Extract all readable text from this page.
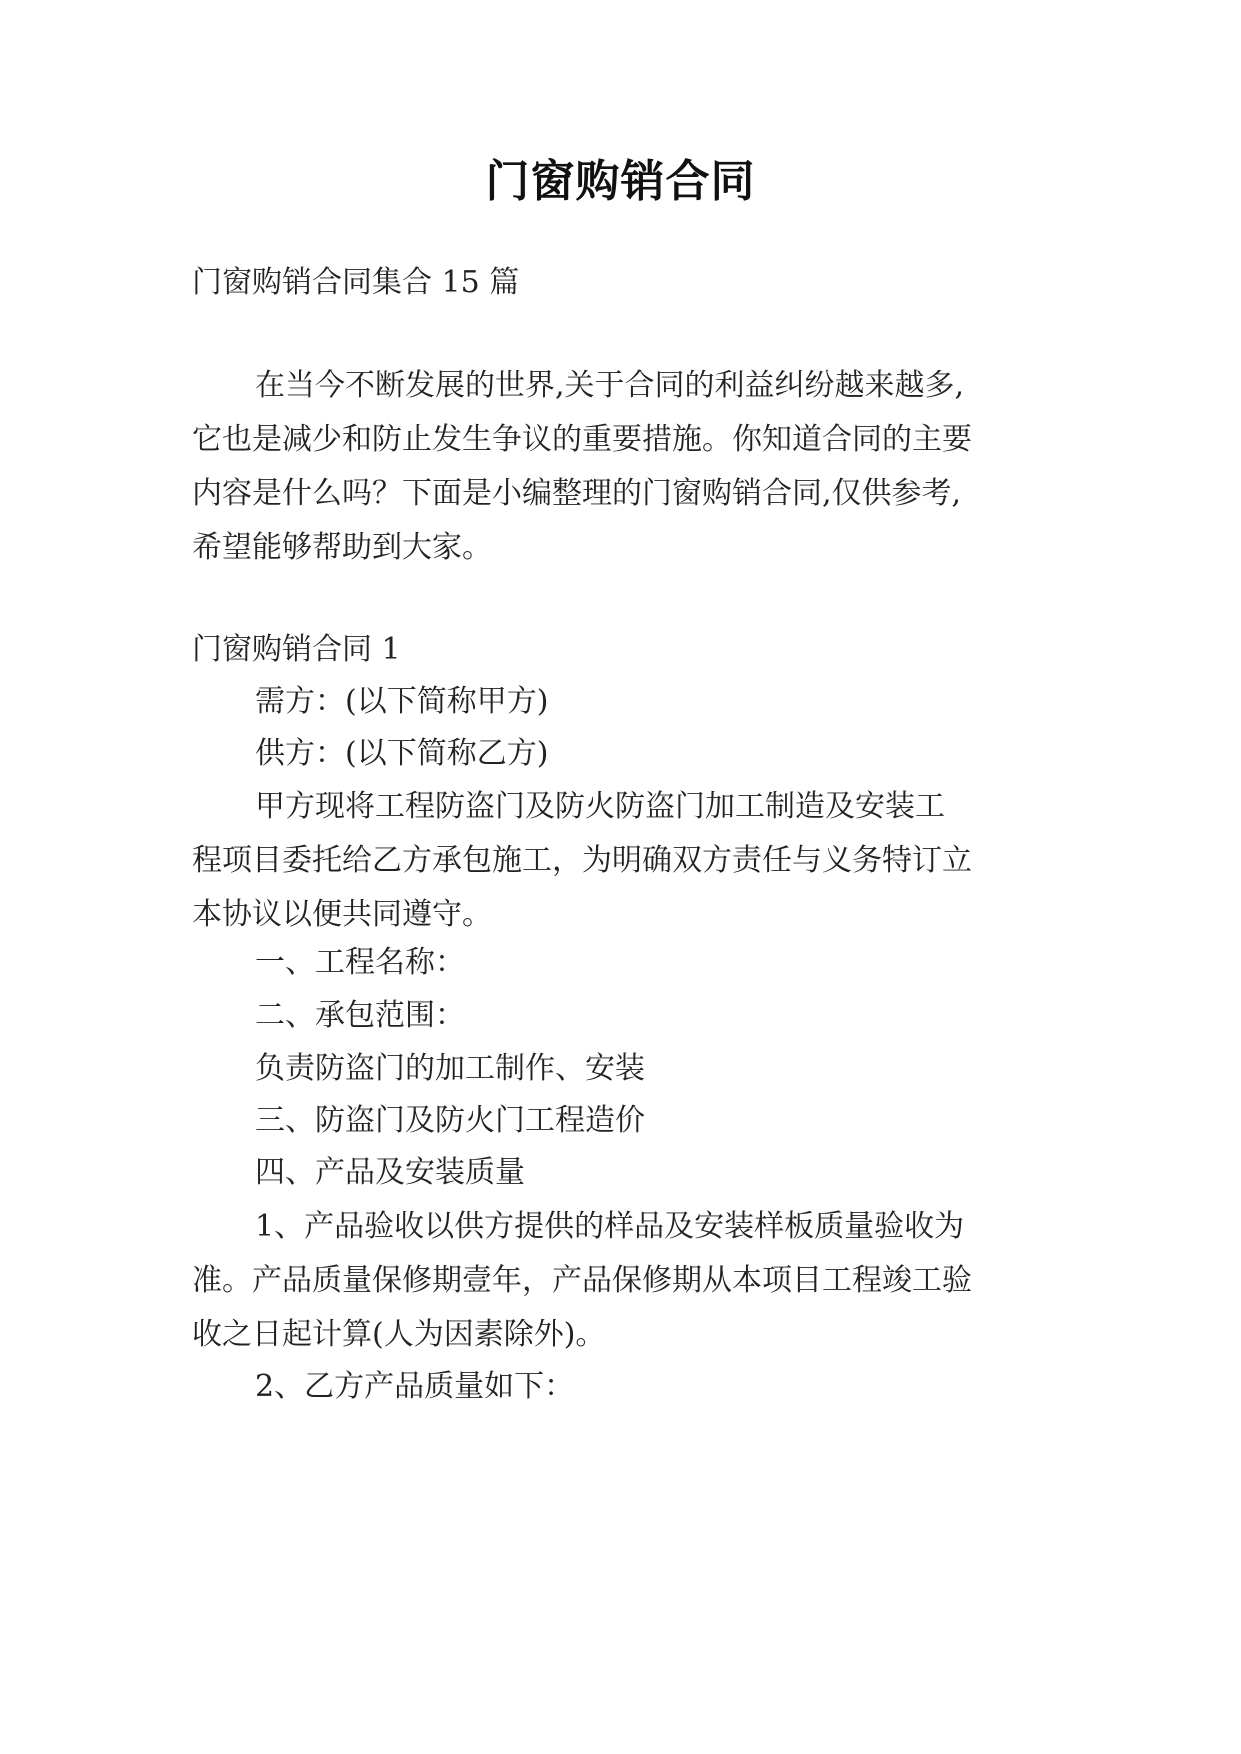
门窗购销合同
门窗购销合同集合 15 篇
在当今不断发展的世界,关于合同的利益纠纷越来越多,
它也是减少和防止发生争议的重要措施。你知道合同的主要
内容是什么吗？下面是小编整理的门窗购销合同,仅供参考,
希望能够帮助到大家。
门窗购销合同 1
需方：(以下简称甲方)
供方：(以下简称乙方)
甲方现将工程防盗门及防火防盗门加工制造及安装工
程项目委托给乙方承包施工，为明确双方责任与义务特订立
本协议以便共同遵守。
一、工程名称：
二、承包范围：
负责防盗门的加工制作、安装
三、防盗门及防火门工程造价
四、产品及安装质量
1、产品验收以供方提供的样品及安装样板质量验收为
准。产品质量保修期壹年，产品保修期从本项目工程竣工验
收之日起计算(人为因素除外)。
2、乙方产品质量如下：
